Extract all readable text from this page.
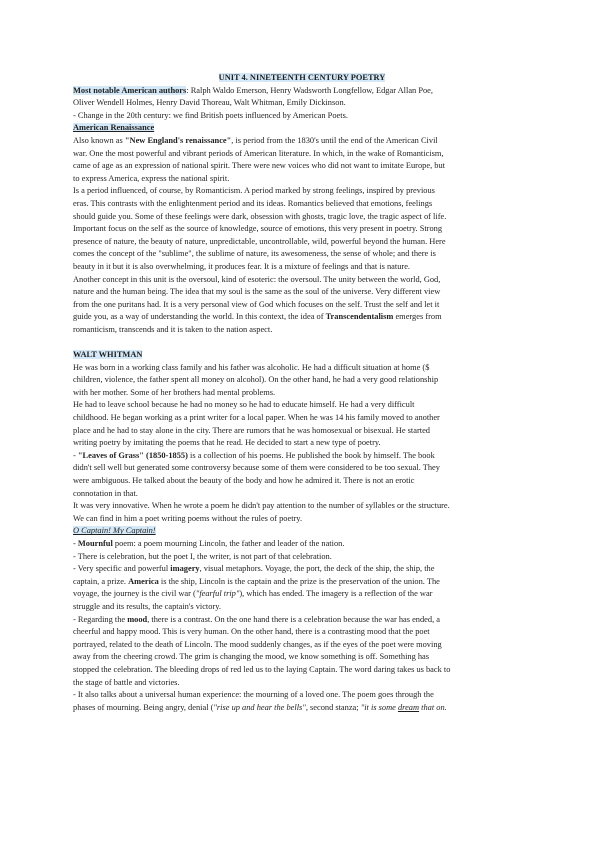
UNIT 4. NINETEENTH CENTURY POETRY
Most notable American authors: Ralph Waldo Emerson, Henry Wadsworth Longfellow, Edgar Allan Poe,
Oliver Wendell Holmes, Henry David Thoreau, Walt Whitman, Emily Dickinson.
- Change in the 20th century: we find British poets influenced by American Poets.
American Renaissance
Also known as "New England's renaissance", is period from the 1830's until the end of the American Civil
war. One the most powerful and vibrant periods of American literature. In which, in the wake of Romanticism,
came of age as an expression of national spirit. There were new voices who did not want to imitate Europe, but
to express America, express the national spirit.
Is a period influenced, of course, by Romanticism. A period marked by strong feelings, inspired by previous
eras. This contrasts with the enlightenment period and its ideas. Romantics believed that emotions, feelings
should guide you. Some of these feelings were dark, obsession with ghosts, tragic love, the tragic aspect of life.
Important focus on the self as the source of knowledge, source of emotions, this very present in poetry. Strong
presence of nature, the beauty of nature, unpredictable, uncontrollable, wild, powerful beyond the human. Here
comes the concept of the "sublime", the sublime of nature, its awesomeness, the sense of whole; and there is
beauty in it but it is also overwhelming, it produces fear. It is a mixture of feelings and that is nature.
Another concept in this unit is the oversoul, kind of esoteric: the oversoul. The unity between the world, God,
nature and the human being. The idea that my soul is the same as the soul of the universe. Very different view
from the one puritans had. It is a very personal view of God which focuses on the self. Trust the self and let it
guide you, as a way of understanding the world. In this context, the idea of Transcendentalism emerges from
romanticism, transcends and it is taken to the nation aspect.
WALT WHITMAN
He was born in a working class family and his father was alcoholic. He had a difficult situation at home ($
children, violence, the father spent all money on alcohol). On the other hand, he had a very good relationship
with her mother. Some of her brothers had mental problems.
He had to leave school because he had no money so he had to educate himself. He had a very difficult
childhood. He began working as a print writer for a local paper. When he was 14 his family moved to another
place and he had to stay alone in the city. There are rumors that he was homosexual or bisexual. He started
writing poetry by imitating the poems that he read. He decided to start a new type of poetry.
- "Leaves of Grass" (1850-1855) is a collection of his poems. He published the book by himself. The book
didn't sell well but generated some controversy because some of them were considered to be too sexual. They
were ambiguous. He talked about the beauty of the body and how he admired it. There is not an erotic
connotation in that.
It was very innovative. When he wrote a poem he didn't pay attention to the number of syllables or the structure.
We can find in him a poet writing poems without the rules of poetry.
O Captain! My Captain!
- Mournful poem: a poem mourning Lincoln, the father and leader of the nation.
- There is celebration, but the poet I, the writer, is not part of that celebration.
- Very specific and powerful imagery, visual metaphors. Voyage, the port, the deck of the ship, the ship, the
captain, a prize. America is the ship, Lincoln is the captain and the prize is the preservation of the union. The
voyage, the journey is the civil war ("fearful trip"), which has ended. The imagery is a reflection of the war
struggle and its results, the captain's victory.
- Regarding the mood, there is a contrast. On the one hand there is a celebration because the war has ended, a
cheerful and happy mood. This is very human. On the other hand, there is a contrasting mood that the poet
portrayed, related to the death of Lincoln. The mood suddenly changes, as if the eyes of the poet were moving
away from the cheering crowd. The grim is changing the mood, we know something is off. Something has
stopped the celebration. The bleeding drops of red led us to the laying Captain. The word daring takes us back to
the stage of battle and victories.
- It also talks about a universal human experience: the mourning of a loved one. The poem goes through the
phases of mourning. Being angry, denial ("rise up and hear the bells", second stanza; "it is some dream that on.
